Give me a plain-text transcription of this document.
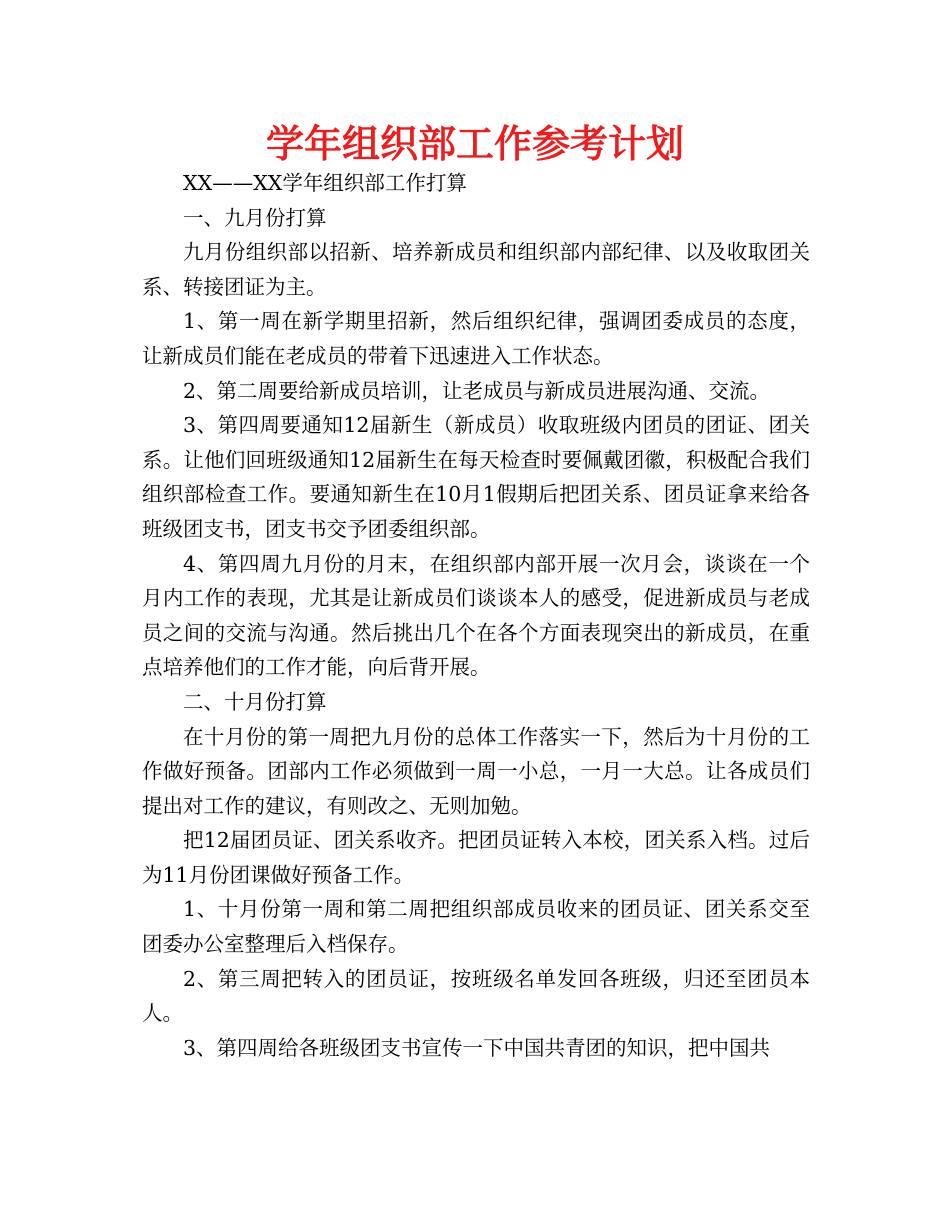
学年组织部工作参考计划

XX——XX学年组织部工作打算

一、九月份打算

九月份组织部以招新、培养新成员和组织部内部纪律、以及收取团关系、转接团证为主。

1、第一周在新学期里招新，然后组织纪律，强调团委成员的态度，让新成员们能在老成员的带着下迅速进入工作状态。

2、第二周要给新成员培训，让老成员与新成员进展沟通、交流。

3、第四周要通知12届新生（新成员）收取班级内团员的团证、团关系。让他们回班级通知12届新生在每天检查时要佩戴团徽，积极配合我们组织部检查工作。要通知新生在10月1假期后把团关系、团员证拿来给各班级团支书，团支书交予团委组织部。

4、第四周九月份的月末，在组织部内部开展一次月会，谈谈在一个月内工作的表现，尤其是让新成员们谈谈本人的感受，促进新成员与老成员之间的交流与沟通。然后挑出几个在各个方面表现突出的新成员，在重点培养他们的工作才能，向后背开展。

二、十月份打算

在十月份的第一周把九月份的总体工作落实一下，然后为十月份的工作做好预备。团部内工作必须做到一周一小总，一月一大总。让各成员们提出对工作的建议，有则改之、无则加勉。

把12届团员证、团关系收齐。把团员证转入本校，团关系入档。过后为11月份团课做好预备工作。

1、十月份第一周和第二周把组织部成员收来的团员证、团关系交至团委办公室整理后入档保存。

2、第三周把转入的团员证，按班级名单发回各班级，归还至团员本人。

3、第四周给各班级团支书宣传一下中国共青团的知识，把中国共
